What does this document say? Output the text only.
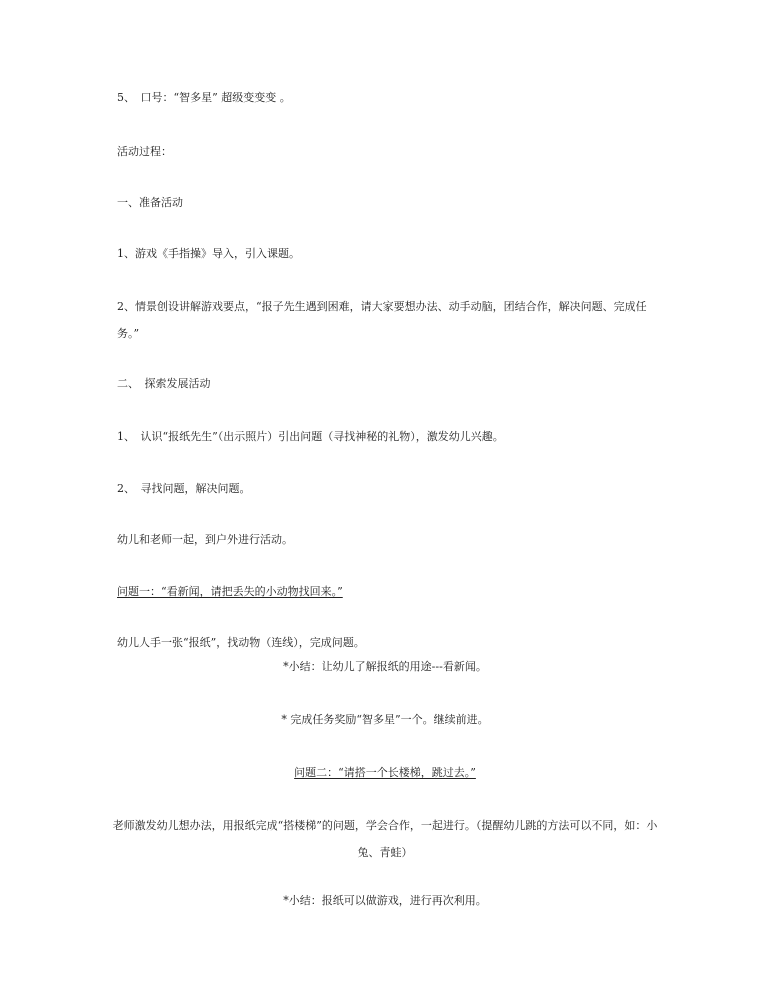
5、　口号：“智多星” 超级变变变 。
活动过程：
一、准备活动
1、游戏《手指操》导入，引入课题。
2、情景创设讲解游戏要点，“报子先生遇到困难，请大家要想办法、动手动脑，团结合作，解决问题、完成任务。”
二、　探索发展活动
1、　认识“报纸先生”（出示照片）引出问题（寻找神秘的礼物），激发幼儿兴趣。
2、　寻找问题，解决问题。
幼儿和老师一起，到户外进行活动。
问题一：“看新闻，请把丢失的小动物找回来。”
幼儿人手一张“报纸”，找动物（连线），完成问题。
*小结：让幼儿了解报纸的用途---看新闻。
* 完成任务奖励“智多星”一个。继续前进。
问题二：“请搭一个长楼梯，跳过去。”
老师激发幼儿想办法，用报纸完成“搭楼梯”的问题，学会合作，一起进行。（提醒幼儿跳的方法可以不同，如：小兔、青蛙）
*小结：报纸可以做游戏，进行再次利用。
